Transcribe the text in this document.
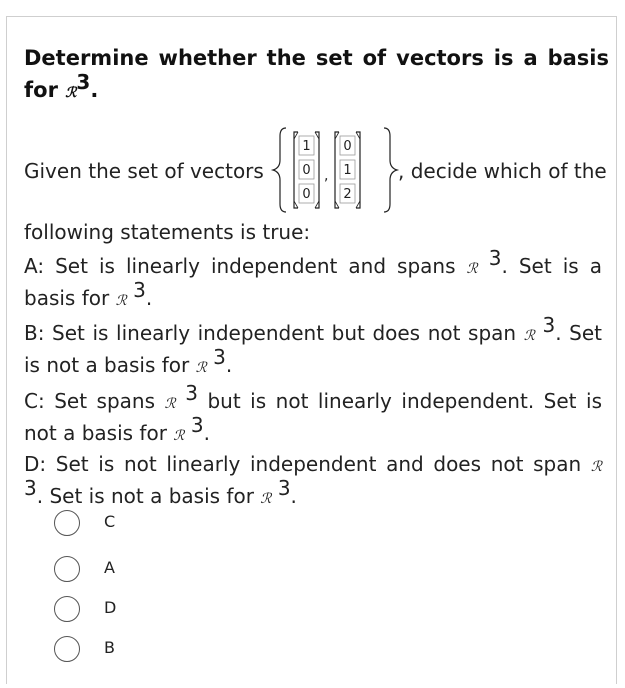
Determine whether the set of vectors is a basis
for ℛ3.
Given the set of vectors
1
0
0
0
1
2
,	, decide which of the
following statements is true:
A: Set is linearly independent and spans ℛ 3. Set is a
basis for ℛ 3.
B: Set is linearly independent but does not span ℛ 3. Set
is not a basis for ℛ 3.
C: Set spans ℛ 3 but is not linearly independent. Set is
not a basis for ℛ 3.
D: Set is not linearly independent and does not span ℛ
3. Set is not a basis for ℛ 3.
C
A
D
B
